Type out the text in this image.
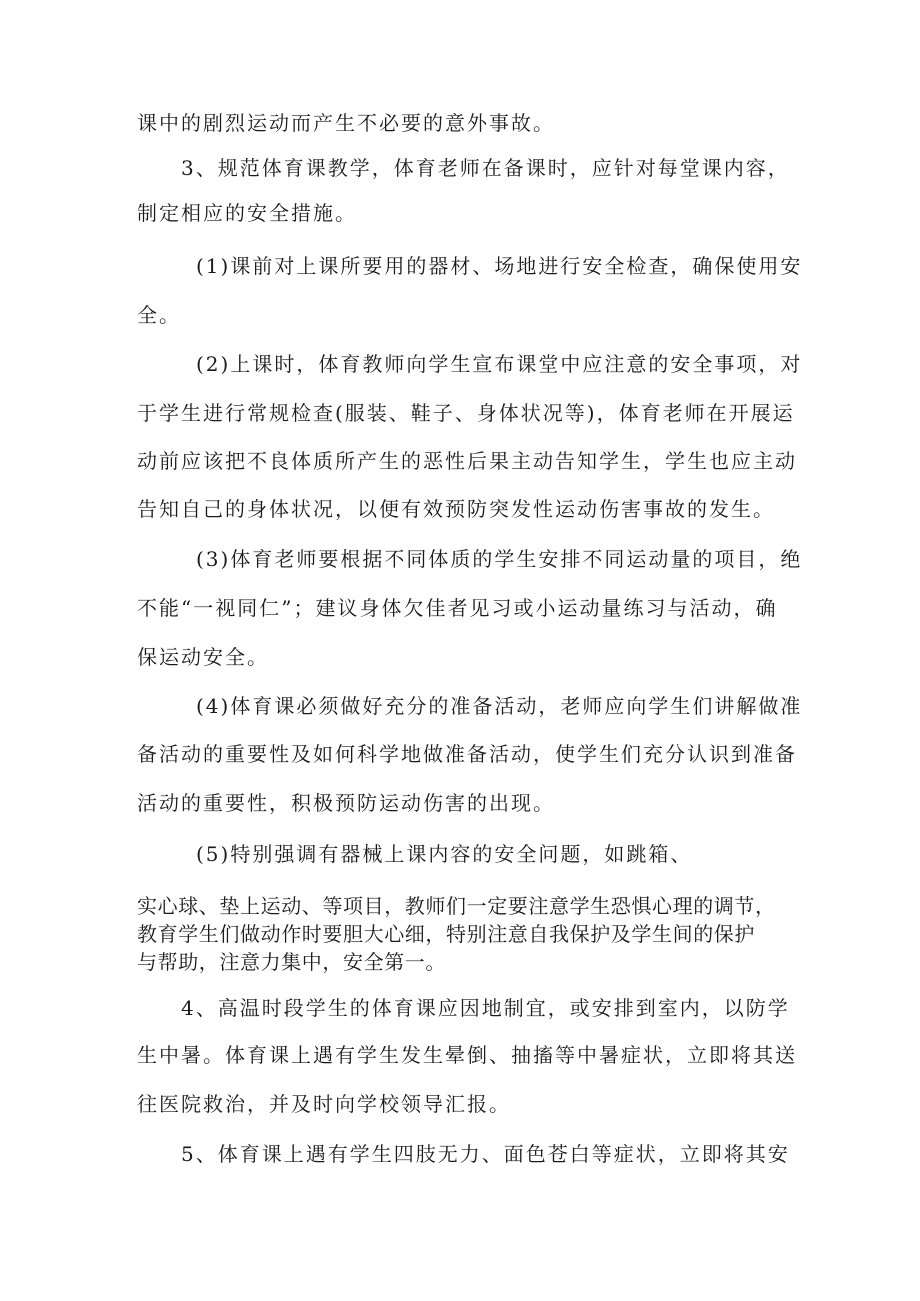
课中的剧烈运动而产生不必要的意外事故。
3、规范体育课教学，体育老师在备课时，应针对每堂课内容，
制定相应的安全措施。
(1)课前对上课所要用的器材、场地进行安全检查，确保使用安
全。
(2)上课时，体育教师向学生宣布课堂中应注意的安全事项，对
于学生进行常规检查(服装、鞋子、身体状况等)，体育老师在开展运
动前应该把不良体质所产生的恶性后果主动告知学生，学生也应主动
告知自己的身体状况，以便有效预防突发性运动伤害事故的发生。
(3)体育老师要根据不同体质的学生安排不同运动量的项目，绝
不能“一视同仁”；建议身体欠佳者见习或小运动量练习与活动，确
保运动安全。
(4)体育课必须做好充分的准备活动，老师应向学生们讲解做准
备活动的重要性及如何科学地做准备活动，使学生们充分认识到准备
活动的重要性，积极预防运动伤害的出现。
(5)特别强调有器械上课内容的安全问题，如跳箱、
实心球、垫上运动、等项目，教师们一定要注意学生恐惧心理的调节，
教育学生们做动作时要胆大心细，特别注意自我保护及学生间的保护
与帮助，注意力集中，安全第一。
4、高温时段学生的体育课应因地制宜，或安排到室内，以防学
生中暑。体育课上遇有学生发生晕倒、抽搐等中暑症状，立即将其送
往医院救治，并及时向学校领导汇报。
5、体育课上遇有学生四肢无力、面色苍白等症状，立即将其安
